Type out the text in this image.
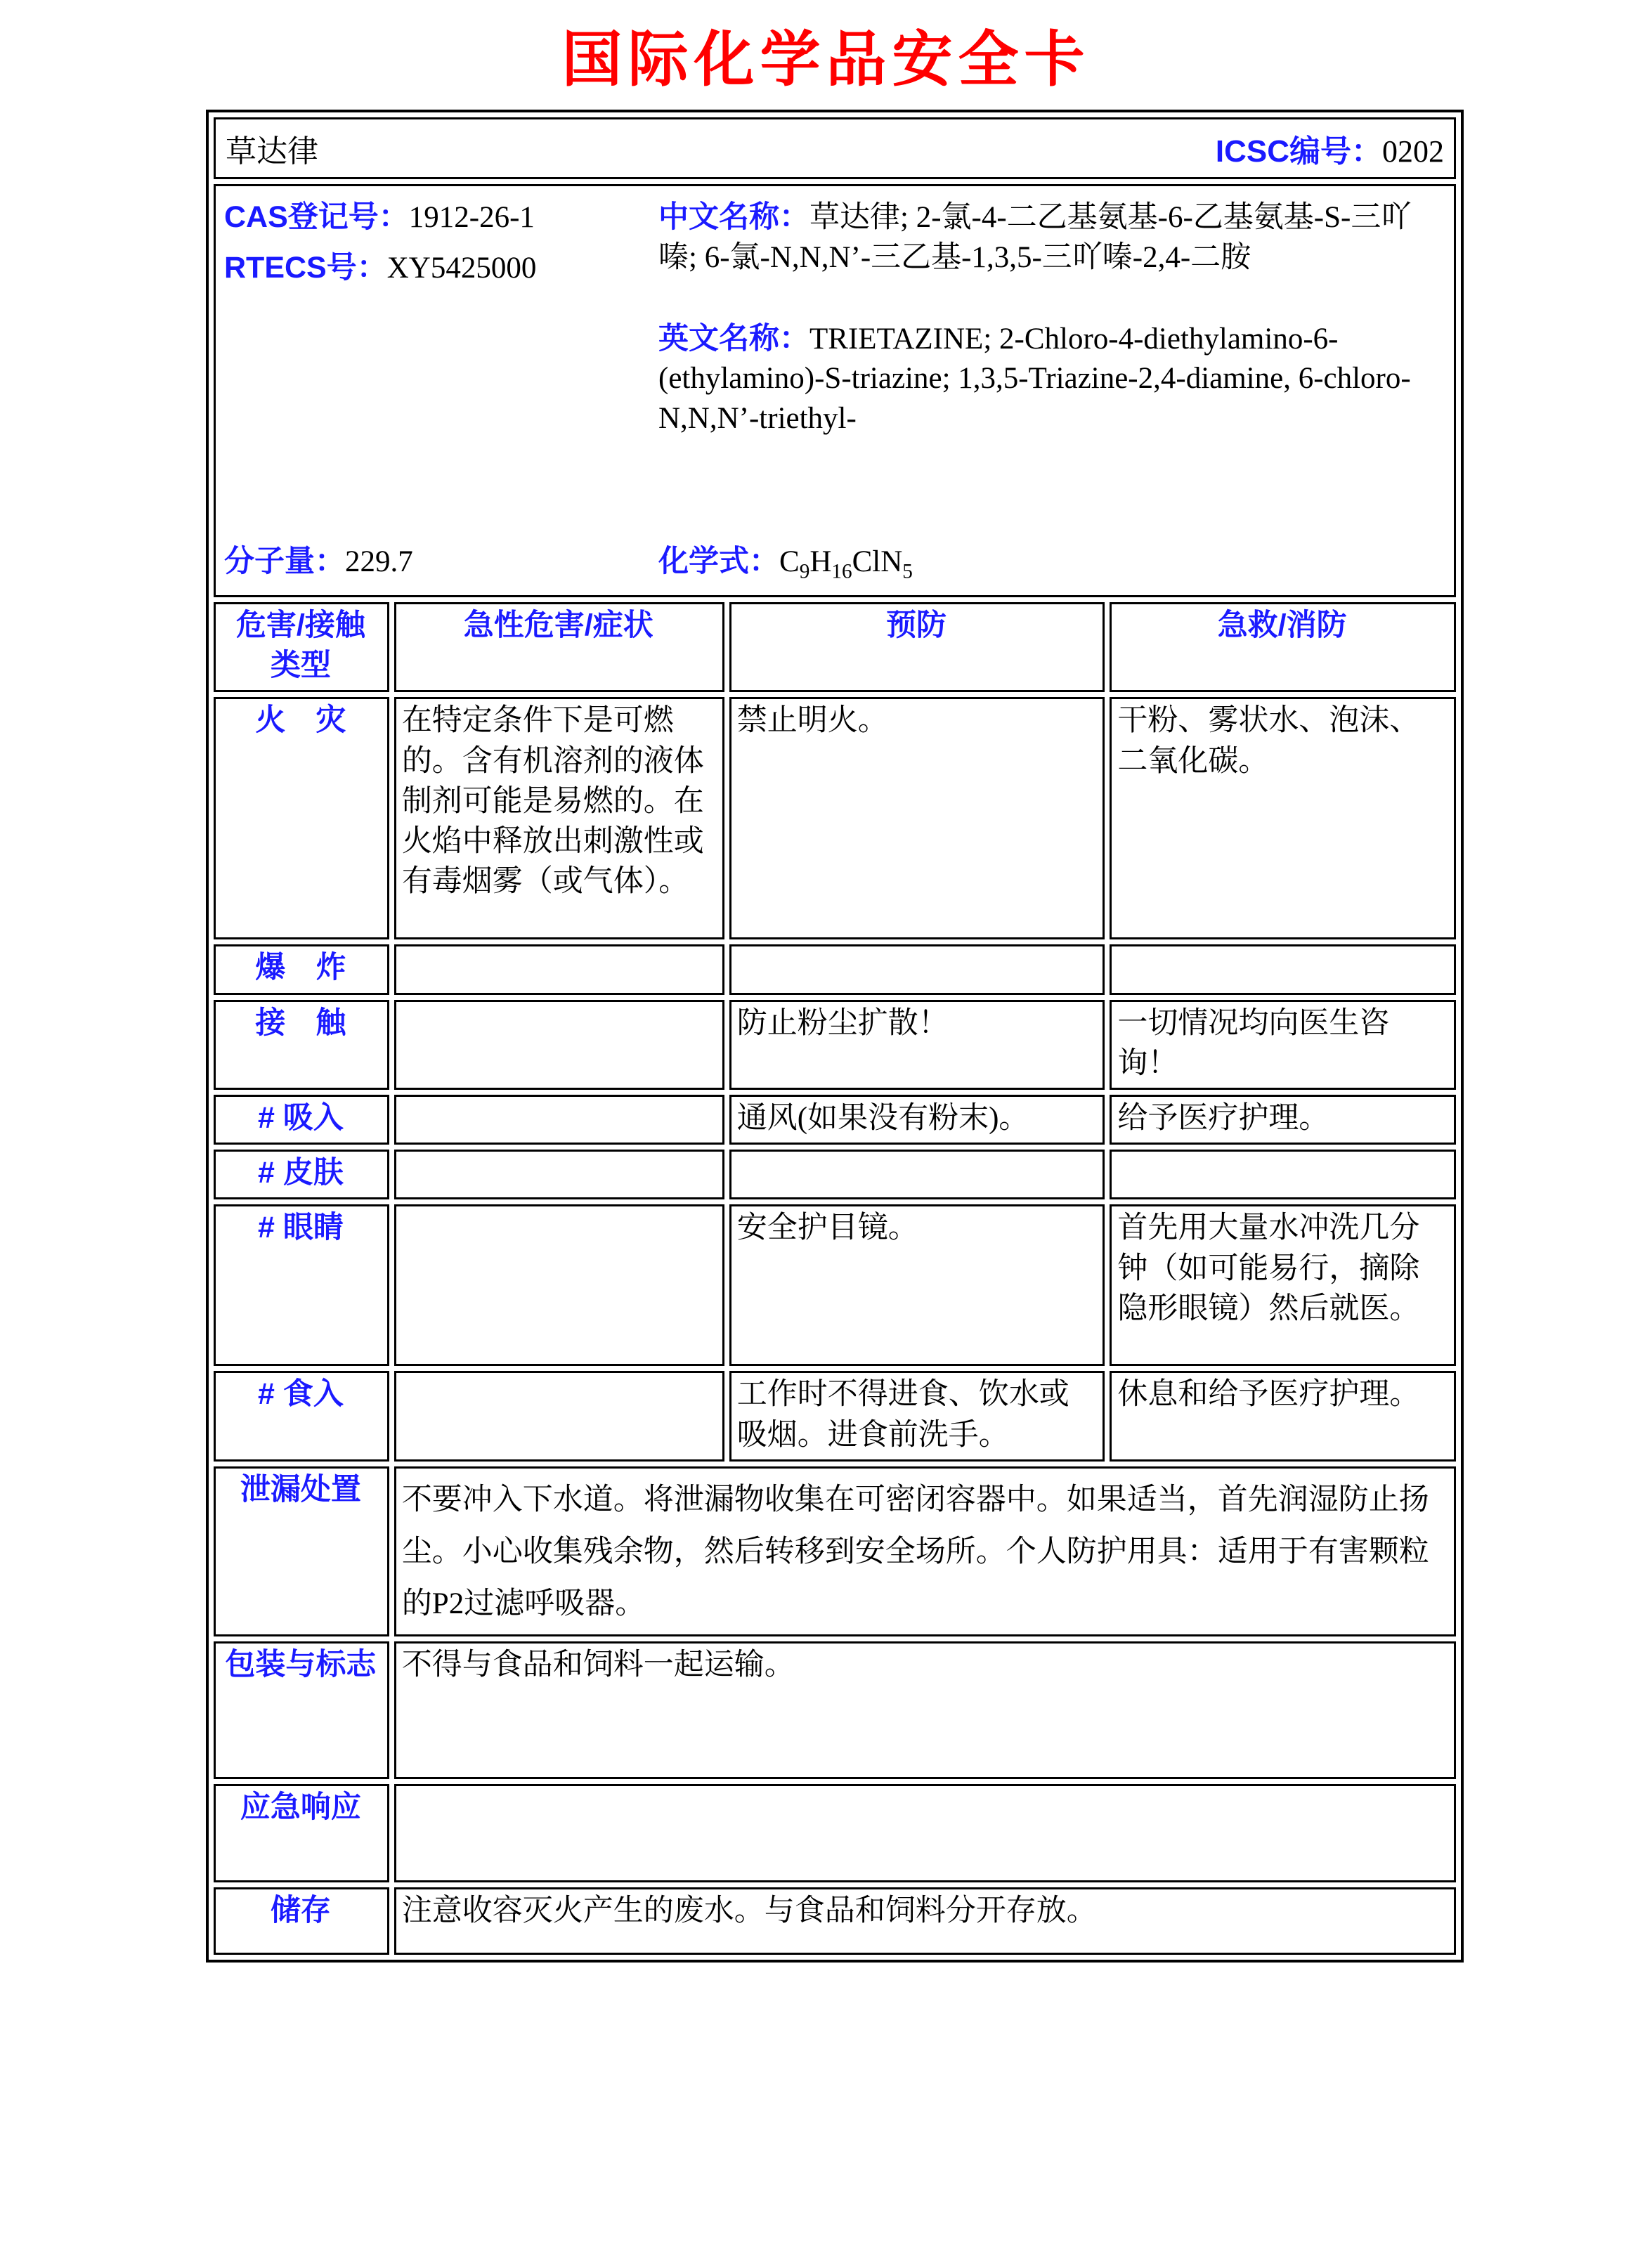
国际化学品安全卡
草达律	ICSC编号：0202
CAS登记号：1912-26-1
RTECS号：XY5425000

中文名称：草达律; 2-氯-4-二乙基氨基-6-乙基氨基-S-三吖嗪; 6-氯-N,N,N’-三乙基-1,3,5-三吖嗪-2,4-二胺

英文名称：TRIETAZINE; 2-Chloro-4-diethylamino-6-(ethylamino)-S-triazine; 1,3,5-Triazine-2,4-diamine, 6-chloro-N,N,N’-triethyl-

分子量：229.7	化学式：$C_9H_{16}ClN_5$
危害/接触
类型	急性危害/症状	预防	急救/消防
火　灾	在特定条件下是可燃的。含有机溶剂的液体制剂可能是易燃的。在火焰中释放出刺激性或有毒烟雾（或气体）。	禁止明火。	干粉、雾状水、泡沫、二氧化碳。
爆　炸			
接　触		防止粉尘扩散！	一切情况均向医生咨询！
# 吸入		通风(如果没有粉末)。	给予医疗护理。
# 皮肤			
# 眼睛		安全护目镜。	首先用大量水冲洗几分钟（如可能易行，摘除隐形眼镜）然后就医。
# 食入		工作时不得进食、饮水或吸烟。进食前洗手。	休息和给予医疗护理。
泄漏处置	不要冲入下水道。将泄漏物收集在可密闭容器中。如果适当，首先润湿防止扬尘。小心收集残余物，然后转移到安全场所。个人防护用具：适用于有害颗粒的P2过滤呼吸器。		
包装与标志	不得与食品和饲料一起运输。		
应急响应			
储存	注意收容灭火产生的废水。与食品和饲料分开存放。		
